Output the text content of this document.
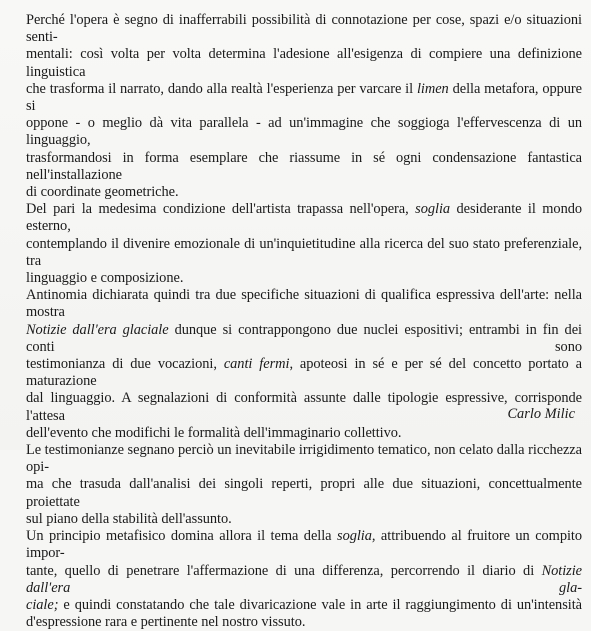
Perché l'opera è segno di inafferrabili possibilità di connotazione per cose, spazi e/o situazioni senti-
mentali: così volta per volta determina l'adesione all'esigenza di compiere una definizione linguistica
che trasforma il narrato, dando alla realtà l'esperienza per varcare il limen della metafora, oppure si
oppone - o meglio dà vita parallela - ad un'immagine che soggioga l'effervescenza di un linguaggio,
trasformandosi in forma esemplare che riassume in sé ogni condensazione fantastica nell'installazione
di coordinate geometriche.

Del pari la medesima condizione dell'artista trapassa nell'opera, soglia desiderante il mondo esterno,
contemplando il divenire emozionale di un'inquietitudine alla ricerca del suo stato preferenziale, tra
linguaggio e composizione.

Antinomia dichiarata quindi tra due specifiche situazioni di qualifica espressiva dell'arte: nella mostra
Notizie dall'era glaciale dunque si contrappongono due nuclei espositivi; entrambi in fin dei conti sono
testimonianza di due vocazioni, canti fermi, apoteosi in sé e per sé del concetto portato a maturazione
dal linguaggio. A segnalazioni di conformità assunte dalle tipologie espressive, corrisponde l'attesa
dell'evento che modifichi le formalità dell'immaginario collettivo.

Le testimonianze segnano perciò un inevitabile irrigidimento tematico, non celato dalla ricchezza opi-
ma che trasuda dall'analisi dei singoli reperti, propri alle due situazioni, concettualmente proiettate
sul piano della stabilità dell'assunto.

Un principio metafisico domina allora il tema della soglia, attribuendo al fruitore un compito impor-
tante, quello di penetrare l'affermazione di una differenza, percorrendo il diario di Notizie dall'era gla-
ciale; e quindi constatando che tale divaricazione vale in arte il raggiungimento di un'intensità
d'espressione rara e pertinente nel nostro vissuto.

Carlo Milic
